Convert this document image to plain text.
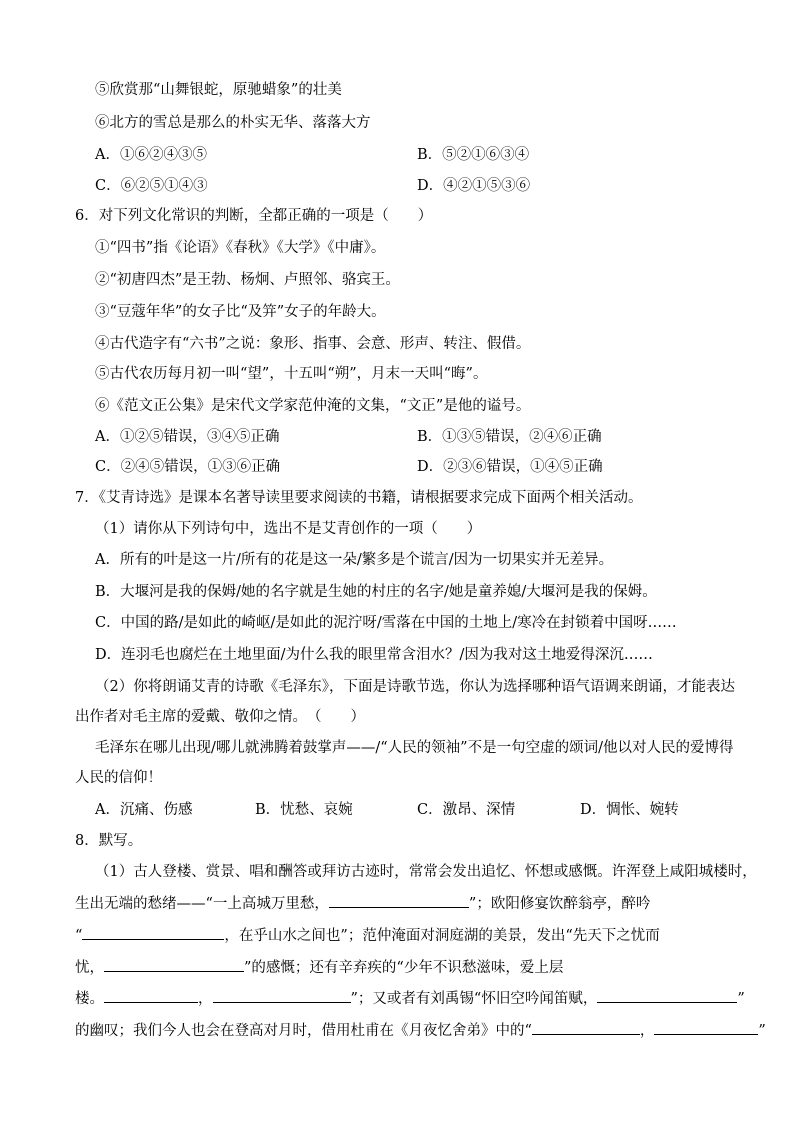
⑤欣赏那“山舞银蛇，原驰蜡象”的壮美
⑥北方的雪总是那么的朴实无华、落落大方
A．①⑥②④③⑤	B．⑤②①⑥③④
C．⑥②⑤①④③	D．④②①⑤③⑥
6．对下列文化常识的判断，全都正确的一项是（　　）
①“四书”指《论语》《春秋》《大学》《中庸》。
②“初唐四杰”是王勃、杨炯、卢照邻、骆宾王。
③“豆蔻年华”的女子比“及笄”女子的年龄大。
④古代造字有“六书”之说：象形、指事、会意、形声、转注、假借。
⑤古代农历每月初一叫“望”，十五叫“朔”，月末一天叫“晦”。
⑥《范文正公集》是宋代文学家范仲淹的文集，“文正”是他的谥号。
A．①②⑤错误，③④⑤正确	B．①③⑤错误，②④⑥正确
C．②④⑤错误，①③⑥正确	D．②③⑥错误，①④⑤正确
7．《艾青诗选》是课本名著导读里要求阅读的书籍，请根据要求完成下面两个相关活动。
（1）请你从下列诗句中，选出不是艾青创作的一项（　　）
A．所有的叶是这一片/所有的花是这一朵/繁多是个谎言/因为一切果实并无差异。
B．大堰河是我的保姆/她的名字就是生她的村庄的名字/她是童养媳/大堰河是我的保姆。
C．中国的路/是如此的崎岖/是如此的泥泞呀/雪落在中国的土地上/寒冷在封锁着中国呀……
D．连羽毛也腐烂在土地里面/为什么我的眼里常含泪水？/因为我对这土地爱得深沉……
（2）你将朗诵艾青的诗歌《毛泽东》，下面是诗歌节选，你认为选择哪种语气语调来朗诵，才能表达
出作者对毛主席的爱戴、敬仰之情。　（　　）
毛泽东在哪儿出现/哪儿就沸腾着鼓掌声——/“人民的领袖”不是一句空虚的颂词/他以对人民的爱博得
人民的信仰！
A．沉痛、伤感	B．忧愁、哀婉	C．激昂、深情	D．惆怅、婉转
8．默写。
（1）古人登楼、赏景、唱和酬答或拜访古迹时，常常会发出追忆、怀想或感慨。许浑登上咸阳城楼时，
生出无端的愁绪——“一上高城万里愁，	”；欧阳修宴饮醉翁亭，醉吟
“	，在乎山水之间也”；范仲淹面对洞庭湖的美景，发出“先天下之忧而
忧，	”的感慨；还有辛弃疾的“少年不识愁滋味，爱上层
楼。	，	”；又或者有刘禹锡“怀旧空吟闻笛赋，	”
的幽叹；我们今人也会在登高对月时，借用杜甫在《月夜忆舍弟》中的“	，	”
